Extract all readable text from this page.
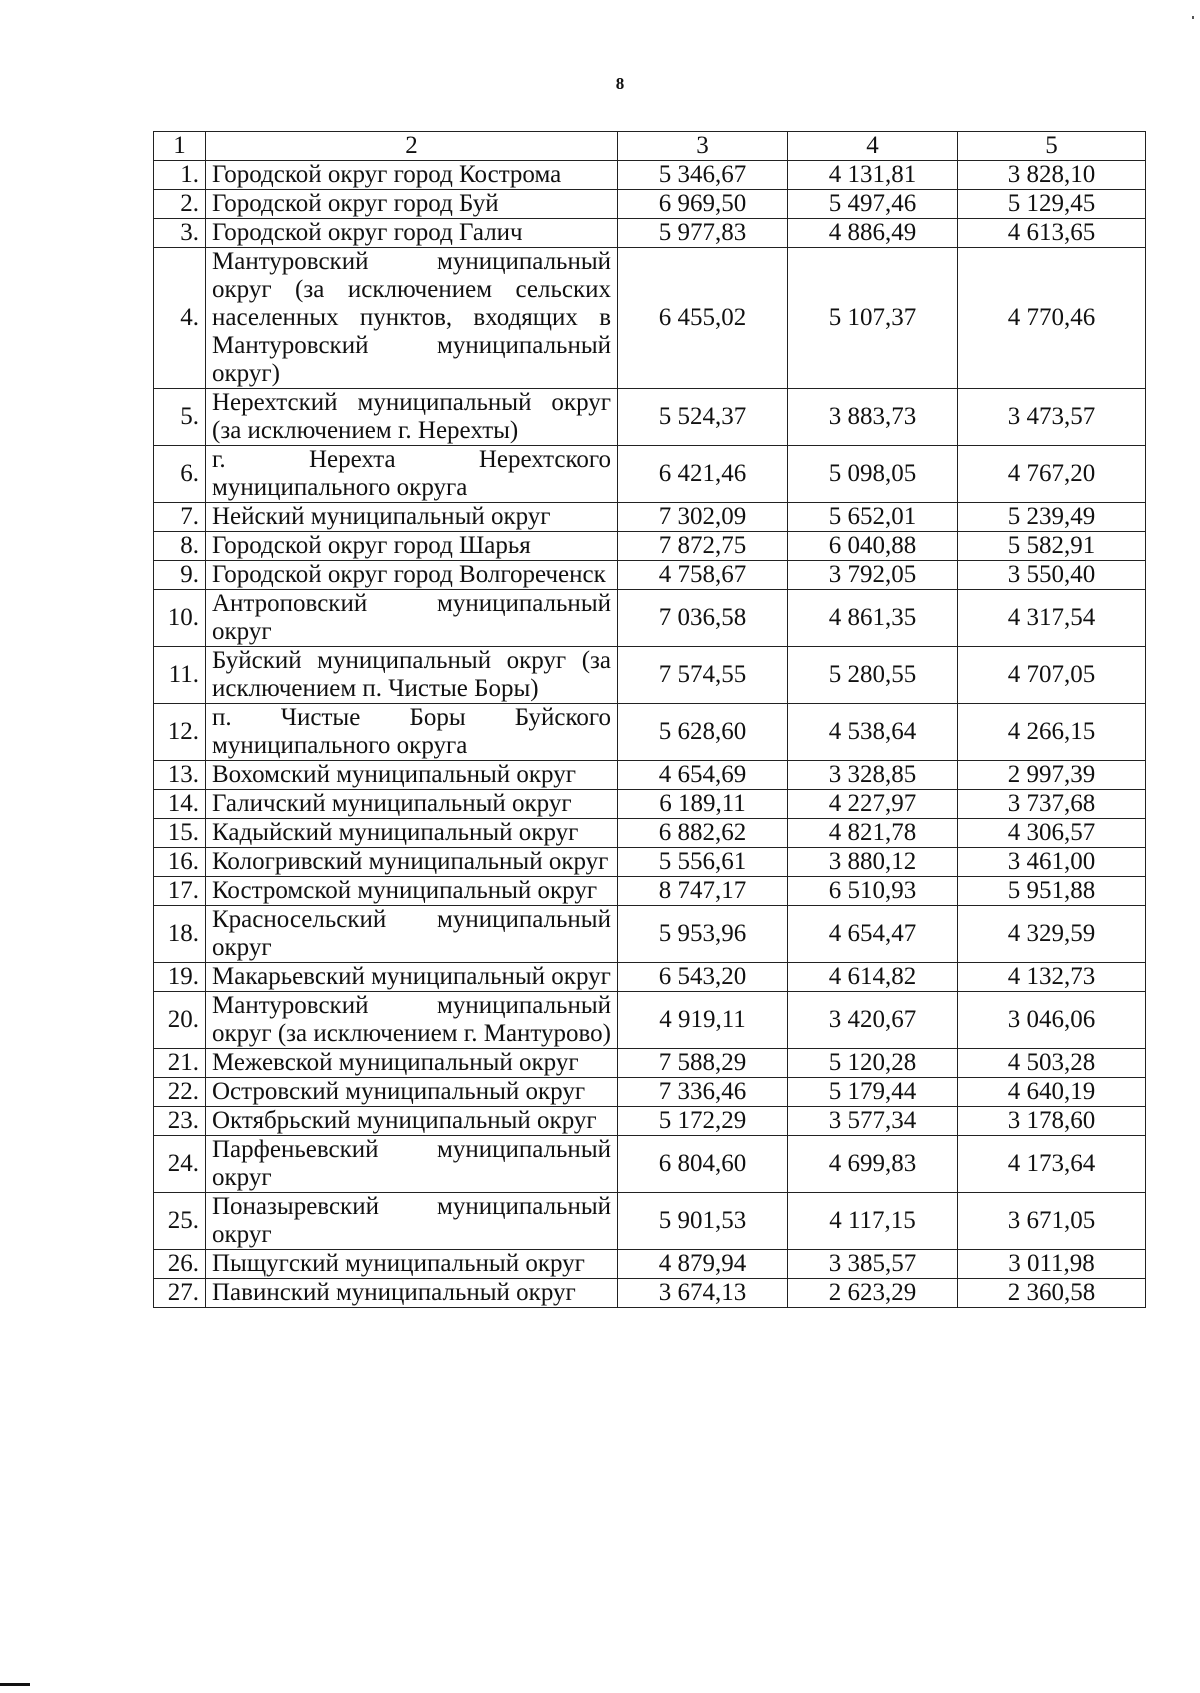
8
1	2	3	4	5
1.	Городской округ город Кострома	5 346,67	4 131,81	3 828,10
2.	Городской округ город Буй	6 969,50	5 497,46	5 129,45
3.	Городской округ город Галич	5 977,83	4 886,49	4 613,65
4.	Мантуровский муниципальный округ (за исключением сельских населенных пунктов, входящих в Мантуровский муниципальный округ)	6 455,02	5 107,37	4 770,46
5.	Нерехтский муниципальный округ (за исключением г. Нерехты)	5 524,37	3 883,73	3 473,57
6.	г. Нерехта Нерехтского муниципального округа	6 421,46	5 098,05	4 767,20
7.	Нейский муниципальный округ	7 302,09	5 652,01	5 239,49
8.	Городской округ город Шарья	7 872,75	6 040,88	5 582,91
9.	Городской округ город Волгореченск	4 758,67	3 792,05	3 550,40
10.	Антроповский муниципальный округ	7 036,58	4 861,35	4 317,54
11.	Буйский муниципальный округ (за исключением п. Чистые Боры)	7 574,55	5 280,55	4 707,05
12.	п. Чистые Боры Буйского муниципального округа	5 628,60	4 538,64	4 266,15
13.	Вохомский муниципальный округ	4 654,69	3 328,85	2 997,39
14.	Галичский муниципальный округ	6 189,11	4 227,97	3 737,68
15.	Кадыйский муниципальный округ	6 882,62	4 821,78	4 306,57
16.	Кологривский муниципальный округ	5 556,61	3 880,12	3 461,00
17.	Костромской муниципальный округ	8 747,17	6 510,93	5 951,88
18.	Красносельский муниципальный округ	5 953,96	4 654,47	4 329,59
19.	Макарьевский муниципальный округ	6 543,20	4 614,82	4 132,73
20.	Мантуровский муниципальный округ (за исключением г. Мантурово)	4 919,11	3 420,67	3 046,06
21.	Межевской муниципальный округ	7 588,29	5 120,28	4 503,28
22.	Островский муниципальный округ	7 336,46	5 179,44	4 640,19
23.	Октябрьский муниципальный округ	5 172,29	3 577,34	3 178,60
24.	Парфеньевский муниципальный округ	6 804,60	4 699,83	4 173,64
25.	Поназыревский муниципальный округ	5 901,53	4 117,15	3 671,05
26.	Пыщугский муниципальный округ	4 879,94	3 385,57	3 011,98
27.	Павинский муниципальный округ	3 674,13	2 623,29	2 360,58
